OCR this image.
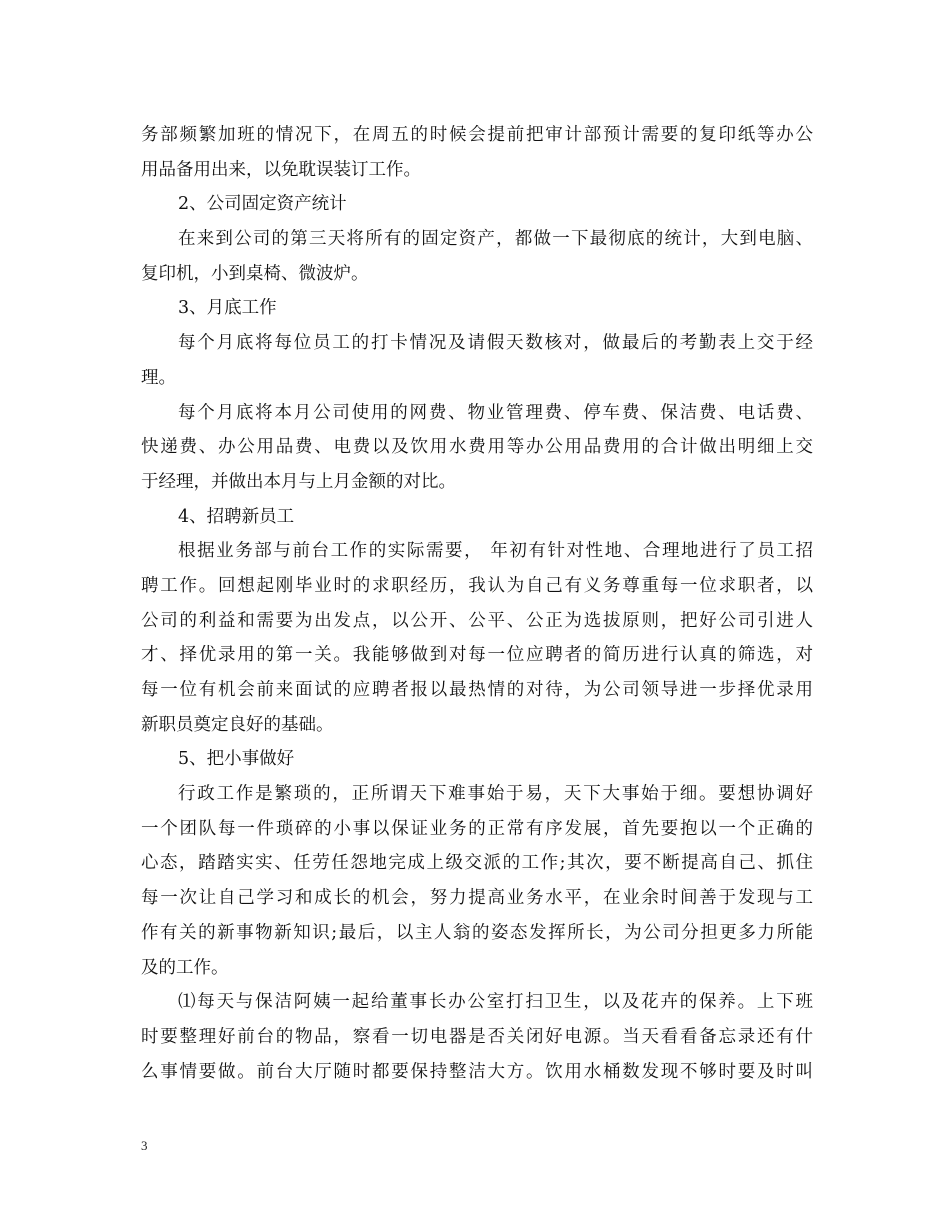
务部频繁加班的情况下，在周五的时候会提前把审计部预计需要的复印纸等办公
用品备用出来，以免耽误装订工作。
2、公司固定资产统计
在来到公司的第三天将所有的固定资产，都做一下最彻底的统计，大到电脑、
复印机，小到桌椅、微波炉。
3、月底工作
每个月底将每位员工的打卡情况及请假天数核对，做最后的考勤表上交于经
理。
每个月底将本月公司使用的网费、物业管理费、停车费、保洁费、电话费、
快递费、办公用品费、电费以及饮用水费用等办公用品费用的合计做出明细上交
于经理，并做出本月与上月金额的对比。
4、招聘新员工
根据业务部与前台工作的实际需要， 年初有针对性地、合理地进行了员工招
聘工作。回想起刚毕业时的求职经历，我认为自己有义务尊重每一位求职者，以
公司的利益和需要为出发点，以公开、公平、公正为选拔原则，把好公司引进人
才、择优录用的第一关。我能够做到对每一位应聘者的简历进行认真的筛选，对
每一位有机会前来面试的应聘者报以最热情的对待，为公司领导进一步择优录用
新职员奠定良好的基础。
5、把小事做好
行政工作是繁琐的，正所谓天下难事始于易，天下大事始于细。要想协调好
一个团队每一件琐碎的小事以保证业务的正常有序发展，首先要抱以一个正确的
心态，踏踏实实、任劳任怨地完成上级交派的工作;其次，要不断提高自己、抓住
每一次让自己学习和成长的机会，努力提高业务水平，在业余时间善于发现与工
作有关的新事物新知识;最后，以主人翁的姿态发挥所长，为公司分担更多力所能
及的工作。
⑴每天与保洁阿姨一起给董事长办公室打扫卫生，以及花卉的保养。上下班
时要整理好前台的物品，察看一切电器是否关闭好电源。当天看看备忘录还有什
么事情要做。前台大厅随时都要保持整洁大方。饮用水桶数发现不够时要及时叫
3
